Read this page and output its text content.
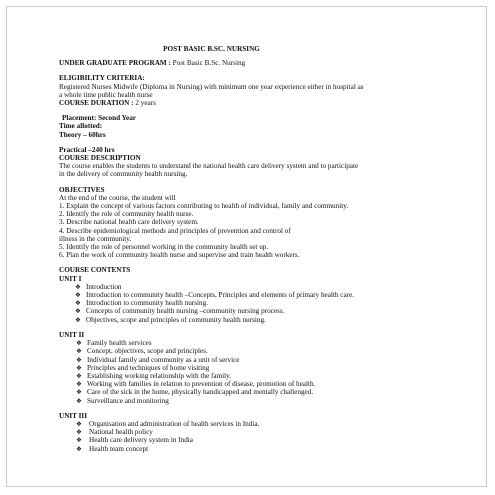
POST BASIC B.SC. NURSING
UNDER GRADUATE PROGRAM : Post Basic B.Sc. Nursing
ELIGIBILITY CRITERIA:
Registered Nurses Midwife (Diploma in Nursing) with minimum one year experience either in hospital as
a whole time public health nurse
COURSE DURATION : 2 years
Placement: Second Year
Time allotted:
Theory – 60hrs
Practical –240 hrs
COURSE DESCRIPTION
The course enables the students to understand the national health care delivery system and to participate
in the delivery of community health nursing.
OBJECTIVES
At the end of the course, the student will
1. Explain the concept of various factors contributing to health of individual, family and community.
2. Identify the role of community health nurse.
3. Describe national health care delivery system.
4. Describe epidemiological methods and principles of prevention and control of
illness in the community.
5. Identify the role of personnel working in the community health set up.
6. Plan the work of community health nurse and supervise and train health workers.
COURSE CONTENTS
UNIT I
❖ Introduction
❖ Introduction to community health –Concepts, Principles and elements of primary health care.
❖ Introduction to community health nursing.
❖ Concepts of community health nursing –community nursing process.
❖ Objectives, scope and principles of community health nursing.
UNIT II
❖ Family health services
❖ Concept, objectives, scope and principles.
❖ Individual family and community as a unit of service
❖ Principles and techniques of home visiting
❖ Establishing working relationship with the family.
❖ Working with families in relation to prevention of disease, promotion of health.
❖ Care of the sick in the home, physically handicapped and mentally challenged.
❖ Surveillance and monitoring
UNIT III
❖ Organisation and administration of health services in India.
❖ National health policy
❖ Health care delivery system in India
❖ Health team concept
